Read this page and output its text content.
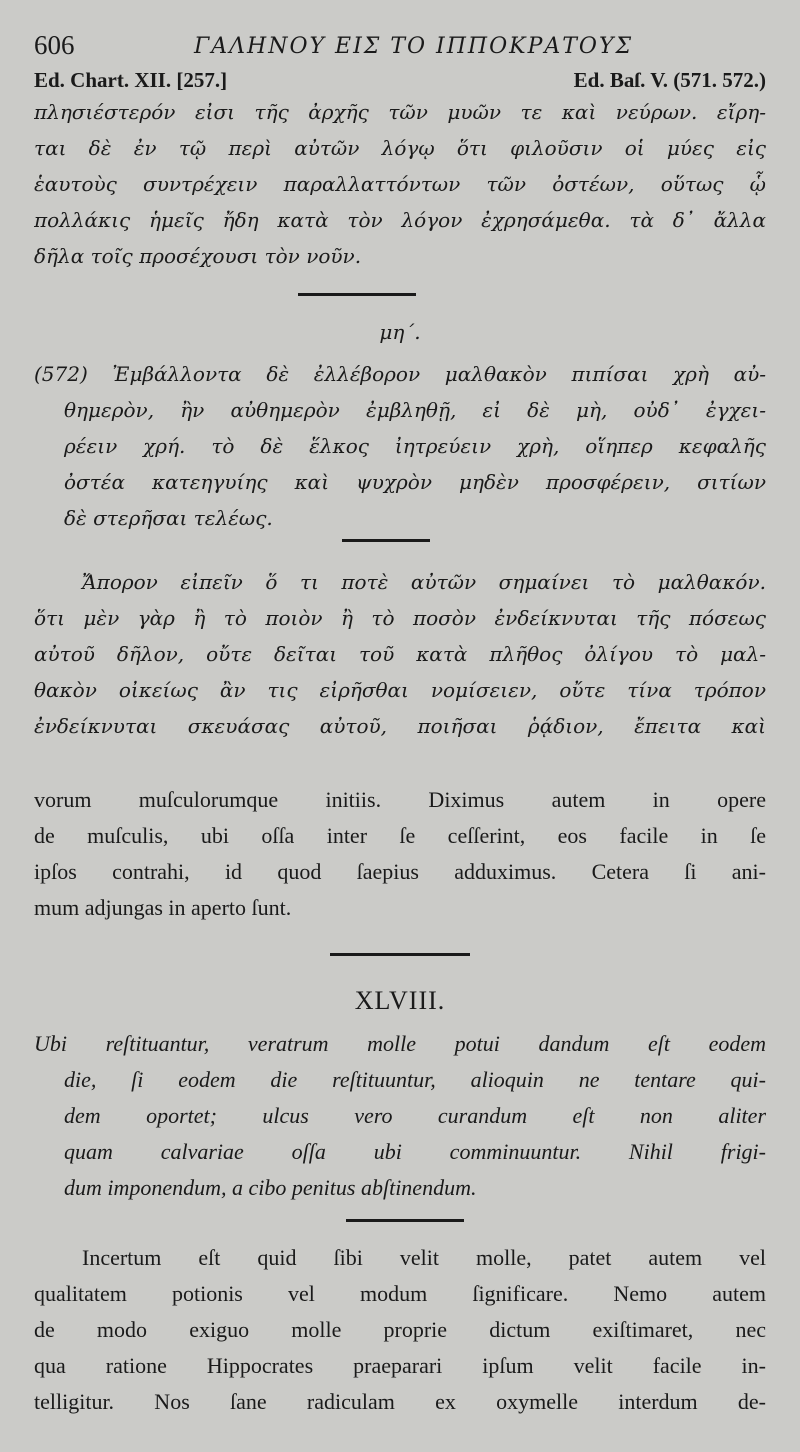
606	ΓΑΛΗΝΟΥ ΕΙΣ ΤΟ ΙΠΠΟΚΡΑΤΟΥΣ
Ed. Chart. XII. [257.]	Ed. Baſ. V. (571. 572.)
πλησιέστερόν εἰσι τῆς ἀρχῆς τῶν μυῶν τε καὶ νεύρων. εἴρη-
ται δὲ ἐν τῷ περὶ αὐτῶν λόγῳ ὅτι φιλοῦσιν οἱ μύες εἰς
ἑαυτοὺς συντρέχειν παραλλαττόντων τῶν ὀστέων, οὕτως ᾧ
πολλάκις ἡμεῖς ἤδη κατὰ τὸν λόγον ἐχρησάμεθα. τὰ δ᾽ ἄλλα
δῆλα τοῖς προσέχουσι τὸν νοῦν.
μη΄.
(572) Ἐμβάλλοντα δὲ ἐλλέβορον μαλθακὸν πιπίσαι χρὴ αὐ-
θημερὸν, ἢν αὐθημερὸν ἐμβληθῇ, εἰ δὲ μὴ, οὐδ᾽ ἐγχει-
ρέειν χρή. τὸ δὲ ἕλκος ἰητρεύειν χρὴ, οἵηπερ κεφαλῆς
ὀστέα κατεηγυίης καὶ ψυχρὸν μηδὲν προσφέρειν, σιτίων
δὲ στερῆσαι τελέως.
Ἄπορον εἰπεῖν ὅ τι ποτὲ αὐτῶν σημαίνει τὸ μαλθακόν.
ὅτι μὲν γὰρ ἢ τὸ ποιὸν ἢ τὸ ποσὸν ἐνδείκνυται τῆς πόσεως
αὐτοῦ δῆλον, οὔτε δεῖται τοῦ κατὰ πλῆθος ὀλίγου τὸ μαλ-
θακὸν οἰκείως ἂν τις εἰρῆσθαι νομίσειεν, οὔτε τίνα τρόπον
ἐνδείκνυται σκευάσας αὐτοῦ, ποιῆσαι ῥᾴδιον, ἔπειτα καὶ
vorum muſculorumque initiis. Diximus autem in opere
de muſculis, ubi oſſa inter ſe ceſſerint, eos facile in ſe
ipſos contrahi, id quod ſaepius adduximus. Cetera ſi ani-
mum adjungas in aperto ſunt.
XLVIII.
Ubi reſtituantur, veratrum molle potui dandum eſt eodem
die, ſi eodem die reſtituuntur, alioquin ne tentare qui-
dem oportet; ulcus vero curandum eſt non aliter
quam calvariae oſſa ubi comminuuntur. Nihil frigi-
dum imponendum, a cibo penitus abſtinendum.
Incertum eſt quid ſibi velit molle, patet autem vel
qualitatem potionis vel modum ſignificare. Nemo autem
de modo exiguo molle proprie dictum exiſtimaret, nec
qua ratione Hippocrates praeparari ipſum velit facile in-
telligitur. Nos ſane radiculam ex oxymelle interdum de-
